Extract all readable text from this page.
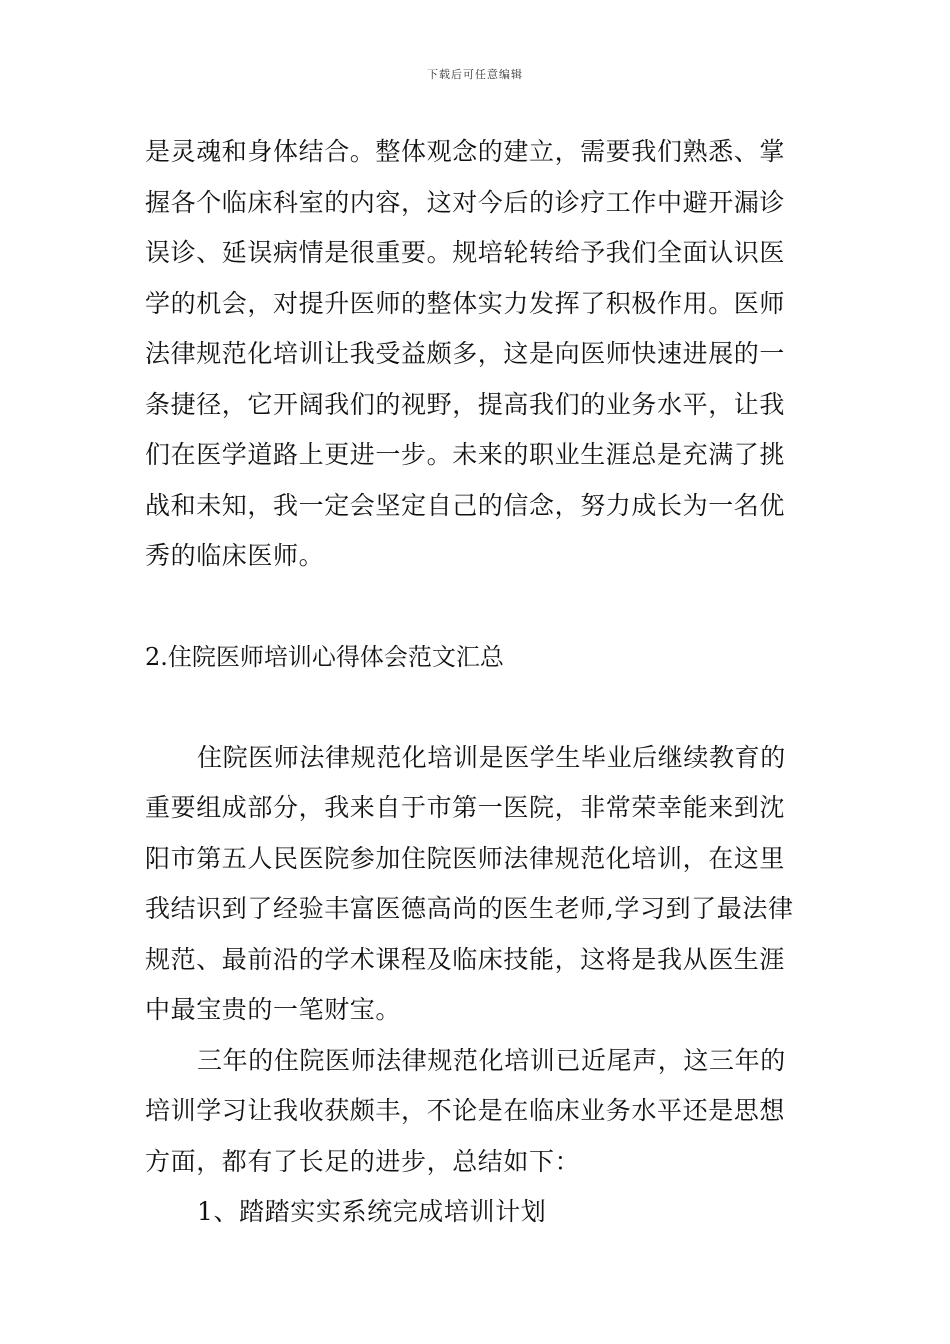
下载后可任意编辑
是灵魂和身体结合。整体观念的建立，需要我们熟悉、掌
握各个临床科室的内容，这对今后的诊疗工作中避开漏诊
误诊、延误病情是很重要。规培轮转给予我们全面认识医
学的机会，对提升医师的整体实力发挥了积极作用。医师
法律规范化培训让我受益颇多，这是向医师快速进展的一
条捷径，它开阔我们的视野，提高我们的业务水平，让我
们在医学道路上更进一步。未来的职业生涯总是充满了挑
战和未知，我一定会坚定自己的信念，努力成长为一名优
秀的临床医师。
2.住院医师培训心得体会范文汇总
住院医师法律规范化培训是医学生毕业后继续教育的
重要组成部分，我来自于市第一医院，非常荣幸能来到沈
阳市第五人民医院参加住院医师法律规范化培训，在这里
我结识到了经验丰富医德高尚的医生老师,学习到了最法律
规范、最前沿的学术课程及临床技能，这将是我从医生涯
中最宝贵的一笔财宝。
三年的住院医师法律规范化培训已近尾声，这三年的
培训学习让我收获颇丰，不论是在临床业务水平还是思想
方面，都有了长足的进步，总结如下：
1、踏踏实实系统完成培训计划
